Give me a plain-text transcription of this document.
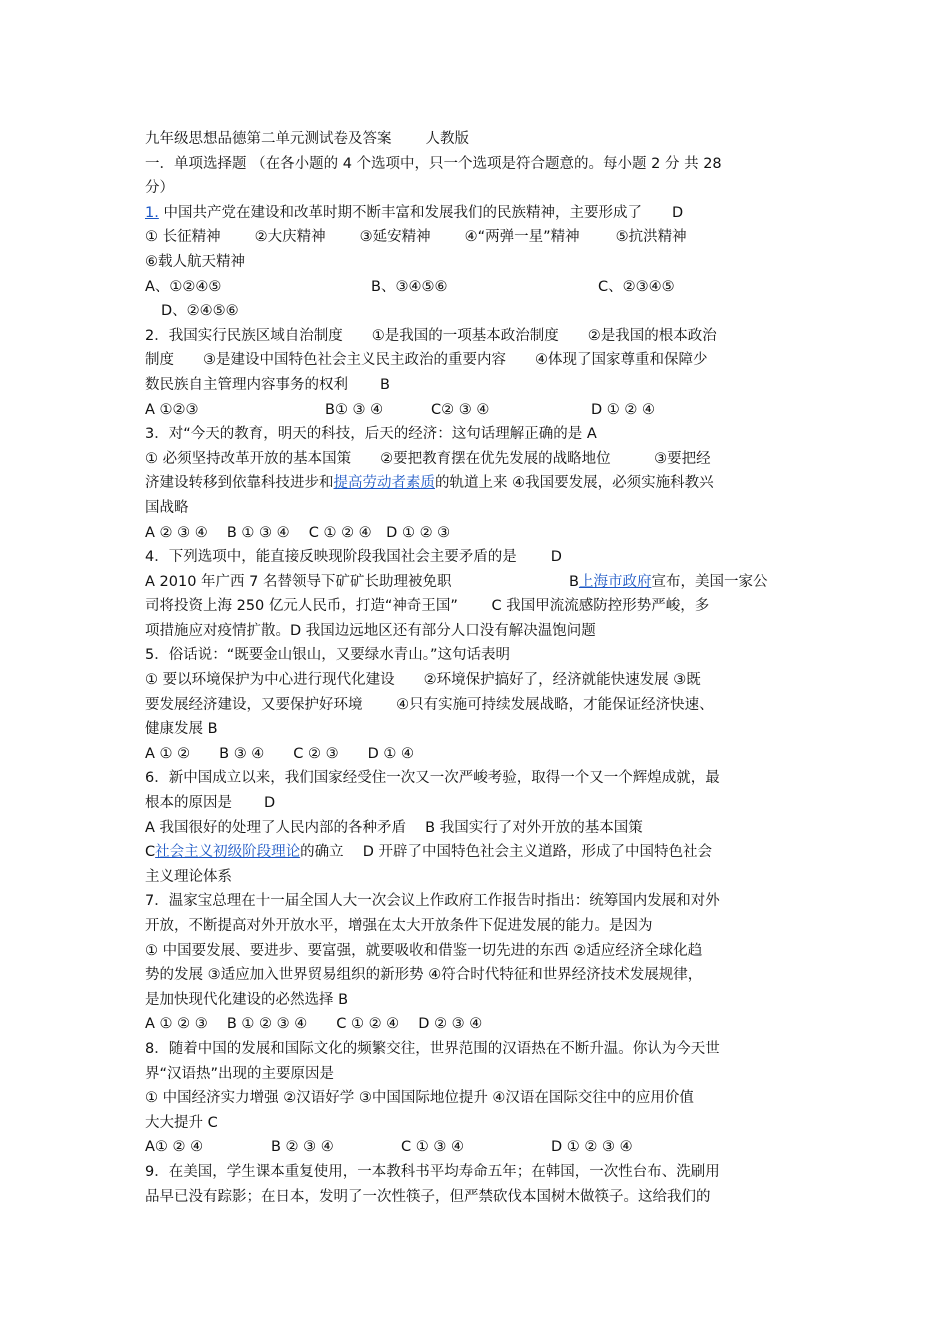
九年级思想品德第二单元测试卷及答案 人教版
一．单项选择题 （在各小题的 4 个选项中，只一个选项是符合题意的。每小题 2 分 共 28
分）
1. 中国共产党在建设和改革时期不断丰富和发展我们的民族精神，主要形成了 D
① 长征精神 ②大庆精神 ③延安精神 ④“两弹一星”精神 ⑤抗洪精神
⑥载人航天精神
A、①②④⑤	B、③④⑤⑥	C、②③④⑤
D、②④⑤⑥
2．我国实行民族区域自治制度　　①是我国的一项基本政治制度　　②是我国的根本政治
制度　　③是建设中国特色社会主义民主政治的重要内容　　④体现了国家尊重和保障少
数民族自主管理内容事务的权利 B
A ①②③	B① ③ ④	C② ③ ④	D ① ② ④
3．对“今天的教育，明天的科技，后天的经济：这句话理解正确的是 A
① 必须坚持改革开放的基本国策　　②要把教育摆在优先发展的战略地位　　　③要把经
济建设转移到依靠科技进步和提高劳动者素质的轨道上来 ④我国要发展，必须实施科教兴
国战略
A ② ③ ④　 B ① ③ ④　 C ① ② ④　D ① ② ③
4．下列选项中，能直接反映现阶段我国社会主要矛盾的是 D
A 2010 年广西 7 名替领导下矿矿长助理被免职	B上海市政府宣布，美国一家公
司将投资上海 250 亿元人民币，打造“神奇王国”　　 C 我国甲流流感防控形势严峻，多
项措施应对疫情扩散。D 我国边远地区还有部分人口没有解决温饱问题
5．俗话说：“既要金山银山，又要绿水青山。”这句话表明
① 要以环境保护为中心进行现代化建设　　②环境保护搞好了，经济就能快速发展 ③既
要发展经济建设，又要保护好环境　　 ④只有实施可持续发展战略，才能保证经济快速、
健康发展 B
A ① ②　　B ③ ④　　C ② ③　　D ① ④
6．新中国成立以来，我们国家经受住一次又一次严峻考验，取得一个又一个辉煌成就，最
根本的原因是 D
A 我国很好的处理了人民内部的各种矛盾　 B 我国实行了对外开放的基本国策
C社会主义初级阶段理论的确立　 D 开辟了中国特色社会主义道路，形成了中国特色社会
主义理论体系
7．温家宝总理在十一届全国人大一次会议上作政府工作报告时指出：统筹国内发展和对外
开放，不断提高对外开放水平，增强在太大开放条件下促进发展的能力。是因为
① 中国要发展、要进步、要富强，就要吸收和借鉴一切先进的东西 ②适应经济全球化趋
势的发展 ③适应加入世界贸易组织的新形势 ④符合时代特征和世界经济技术发展规律，
是加快现代化建设的必然选择 B
A ① ② ③　 B ① ② ③ ④　　C ① ② ④　 D ② ③ ④
8．随着中国的发展和国际文化的频繁交往，世界范围的汉语热在不断升温。你认为今天世
界“汉语热”出现的主要原因是
① 中国经济实力增强 ②汉语好学 ③中国国际地位提升 ④汉语在国际交往中的应用价值
大大提升 C
A① ② ④	B ② ③ ④	C ① ③ ④	D ① ② ③ ④
9．在美国，学生课本重复使用，一本教科书平均寿命五年；在韩国，一次性台布、洗刷用
品早已没有踪影；在日本，发明了一次性筷子，但严禁砍伐本国树木做筷子。这给我们的
